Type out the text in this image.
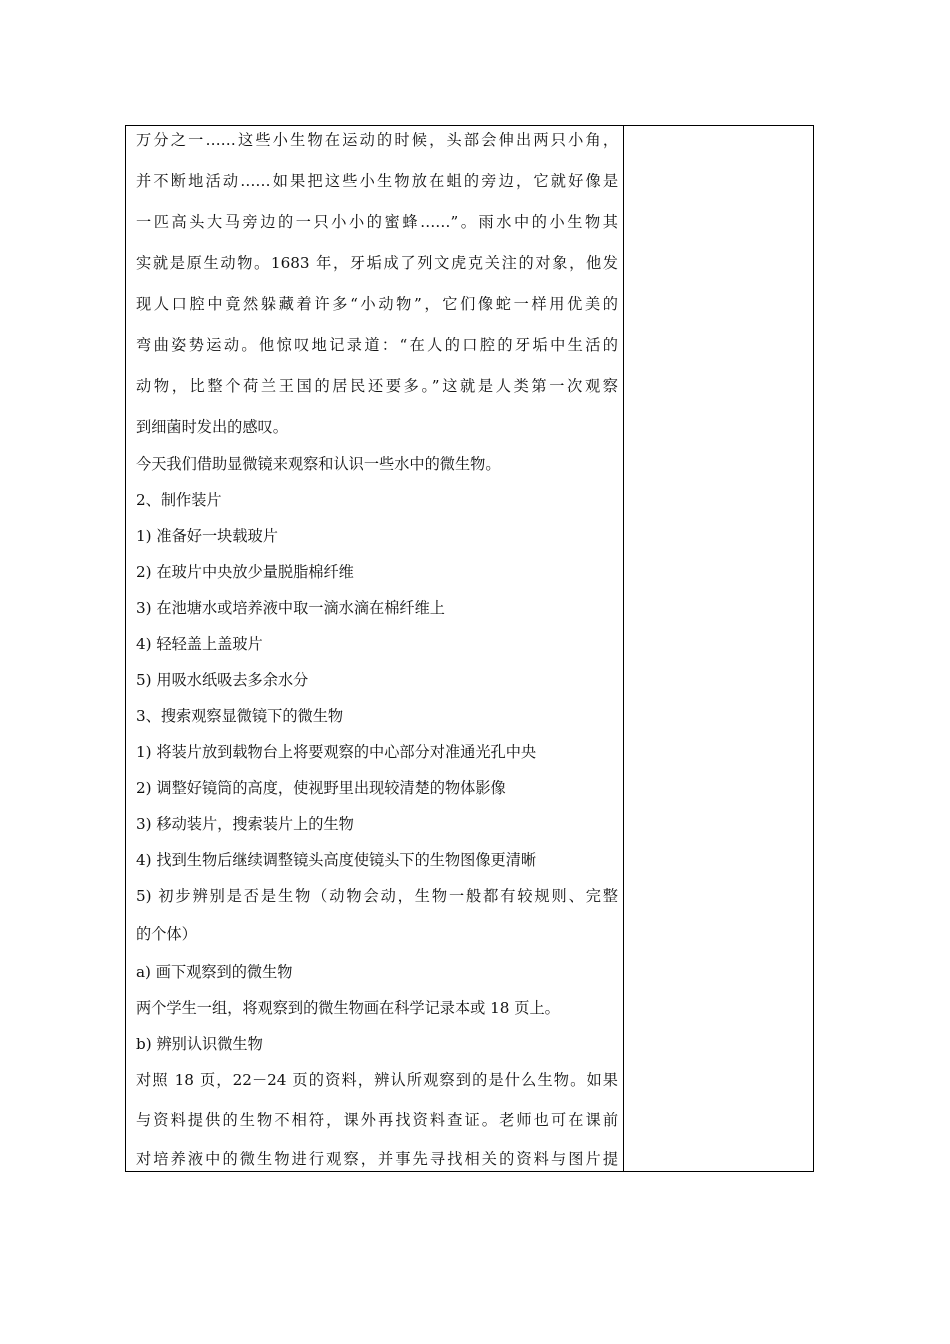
万分之一……这些小生物在运动的时候，头部会伸出两只小角，
并不断地活动……如果把这些小生物放在蛆的旁边，它就好像是
一匹高头大马旁边的一只小小的蜜蜂……”。雨水中的小生物其
实就是原生动物。1683 年，牙垢成了列文虎克关注的对象，他发
现人口腔中竟然躲藏着许多“小动物”，它们像蛇一样用优美的
弯曲姿势运动。他惊叹地记录道：“在人的口腔的牙垢中生活的
动物，比整个荷兰王国的居民还要多。”这就是人类第一次观察
到细菌时发出的感叹。
今天我们借助显微镜来观察和认识一些水中的微生物。
2、制作装片
1) 准备好一块载玻片
2) 在玻片中央放少量脱脂棉纤维
3) 在池塘水或培养液中取一滴水滴在棉纤维上
4) 轻轻盖上盖玻片
5) 用吸水纸吸去多余水分
3、搜索观察显微镜下的微生物
1) 将装片放到载物台上将要观察的中心部分对准通光孔中央
2) 调整好镜筒的高度，使视野里出现较清楚的物体影像
3) 移动装片，搜索装片上的生物
4) 找到生物后继续调整镜头高度使镜头下的生物图像更清晰
5) 初步辨别是否是生物（动物会动，生物一般都有较规则、完整
的个体）
a) 画下观察到的微生物
两个学生一组，将观察到的微生物画在科学记录本或 18 页上。
b) 辨别认识微生物
对照 18 页，22－24 页的资料，辨认所观察到的是什么生物。如果
与资料提供的生物不相符，课外再找资料查证。老师也可在课前
对培养液中的微生物进行观察，并事先寻找相关的资料与图片提
